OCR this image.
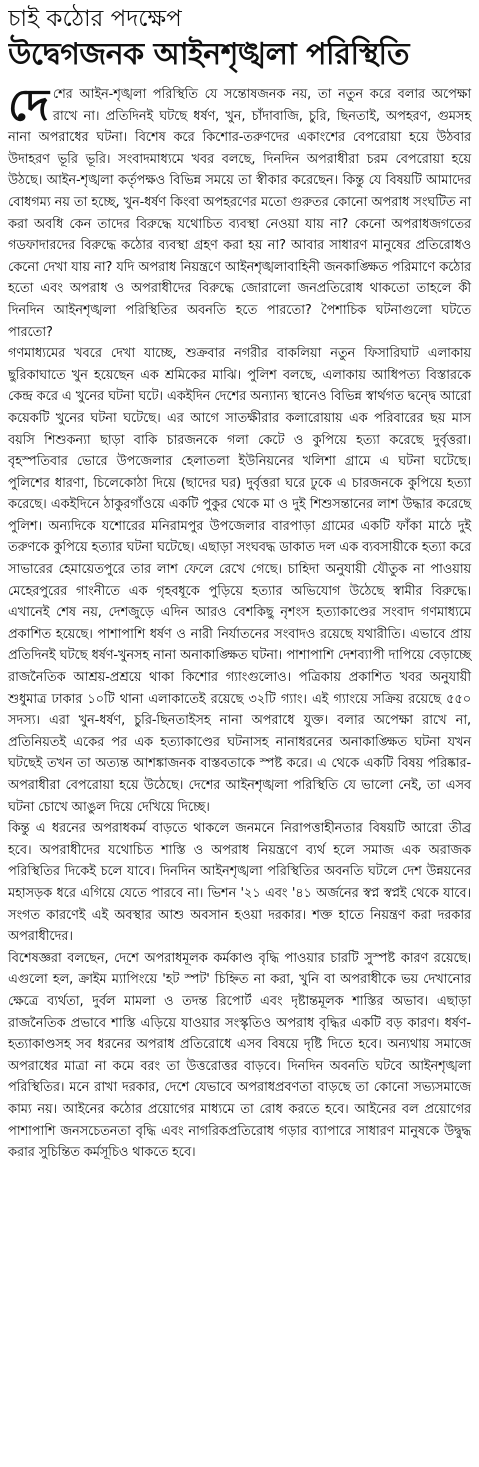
চাই কঠোর পদক্ষেপ
উদ্বেগজনক আইনশৃঙ্খলা পরিস্থিতি

দেশের আইন-শৃঙ্খলা পরিস্থিতি যে সন্তোষজনক নয়, তা নতুন করে বলার অপেক্ষা রাখে না। প্রতিদিনই ঘটছে ধর্ষণ, খুন, চাঁদাবাজি, চুরি, ছিনতাই, অপহরণ, গুমসহ নানা অপরাধের ঘটনা। বিশেষ করে কিশোর-তরুণদের একাংশের বেপরোয়া হয়ে উঠবার উদাহরণ ভূরি ভূরি। সংবাদমাধ্যমে খবর বলছে, দিনদিন অপরাধীরা চরম বেপরোয়া হয়ে উঠছে। আইন-শৃঙ্খলা কর্তৃপক্ষও বিভিন্ন সময়ে তা স্বীকার করেছেন। কিন্তু যে বিষয়টি আমাদের বোধগম্য নয় তা হচ্ছে, খুন-ধর্ষণ কিংবা অপহরণের মতো গুরুতর কোনো অপরাধ সংঘটিত না করা অবধি কেন তাদের বিরুদ্ধে যথোচিত ব্যবস্থা নেওয়া যায় না? কেনো অপরাধজগতের গডফাদারদের বিরুদ্ধে কঠোর ব্যবস্থা গ্রহণ করা হয় না? আবার সাধারণ মানুষের প্রতিরোধও কেনো দেখা যায় না? যদি অপরাধ নিয়ন্ত্রণে আইনশৃঙ্খলাবাহিনী জনকাঙ্ক্ষিত পরিমাণে কঠোর হতো এবং অপরাধ ও অপরাধীদের বিরুদ্ধে জোরালো জনপ্রতিরোধ থাকতো তাহলে কী দিনদিন আইনশৃঙ্খলা পরিস্থিতির অবনতি হতে পারতো? পৈশাচিক ঘটনাগুলো ঘটতে পারতো?

গণমাধ্যমের খবরে দেখা যাচ্ছে, শুক্রবার নগরীর বাকলিয়া নতুন ফিসারিঘাট এলাকায় ছুরিকাঘাতে খুন হয়েছেন এক শ্রমিকের মাঝি। পুলিশ বলছে, এলাকায় আধিপত্য বিস্তারকে কেন্দ্র করে এ খুনের ঘটনা ঘটে। একইদিন দেশের অন্যান্য স্থানেও বিভিন্ন স্বার্থগত দ্বন্দ্বে আরো কয়েকটি খুনের ঘটনা ঘটেছে। এর আগে সাতক্ষীরার কলারোয়ায় এক পরিবারের ছয় মাস বয়সি শিশুকন্যা ছাড়া বাকি চারজনকে গলা কেটে ও কুপিয়ে হত্যা করেছে দুর্বৃত্তরা। বৃহস্পতিবার ভোরে উপজেলার হেলাতলা ইউনিয়নের খলিশা গ্রামে এ ঘটনা ঘটেছে। পুলিশের ধারণা, চিলেকোঠা দিয়ে (ছাদের ঘর) দুর্বৃত্তরা ঘরে ঢুকে এ চারজনকে কুপিয়ে হত্যা করেছে। একইদিনে ঠাকুরগাঁওয়ে একটি পুকুর থেকে মা ও দুই শিশুসন্তানের লাশ উদ্ধার করেছে পুলিশ। অন্যদিকে যশোরের মনিরামপুর উপজেলার বারপাড়া গ্রামের একটি ফাঁকা মাঠে দুই তরুণকে কুপিয়ে হত্যার ঘটনা ঘটেছে। এছাড়া সংঘবদ্ধ ডাকাত দল এক ব্যবসায়ীকে হত্যা করে সাভারের হেমায়েতপুরে তার লাশ ফেলে রেখে গেছে। চাহিদা অনুযায়ী যৌতুক না পাওয়ায় মেহেরপুরের গাংনীতে এক গৃহবধূকে পুড়িয়ে হত্যার অভিযোগ উঠেছে স্বামীর বিরুদ্ধে। এখানেই শেষ নয়, দেশজুড়ে এদিন আরও বেশকিছু নৃশংস হত্যাকাণ্ডের সংবাদ গণমাধ্যমে প্রকাশিত হয়েছে। পাশাপাশি ধর্ষণ ও নারী নির্যাতনের সংবাদও রয়েছে যথারীতি। এভাবে প্রায় প্রতিদিনই ঘটছে ধর্ষণ-খুনসহ নানা অনাকাঙ্ক্ষিত ঘটনা। পাশাপাশি দেশব্যাপী দাপিয়ে বেড়াচ্ছে রাজনৈতিক আশ্রয়-প্রশ্রয়ে থাকা কিশোর গ্যাংগুলোও। পত্রিকায় প্রকাশিত খবর অনুযায়ী শুধুমাত্র ঢাকার ১০টি থানা এলাকাতেই রয়েছে ৩২টি গ্যাং। এই গ্যাংয়ে সক্রিয় রয়েছে ৫৫০ সদস্য। এরা খুন-ধর্ষণ, চুরি-ছিনতাইসহ নানা অপরাধে যুক্ত। বলার অপেক্ষা রাখে না, প্রতিনিয়তই একের পর এক হত্যাকাণ্ডের ঘটনাসহ নানাধরনের অনাকাঙ্ক্ষিত ঘটনা যখন ঘটছেই তখন তা অত্যন্ত আশঙ্কাজনক বাস্তবতাকে স্পষ্ট করে। এ থেকে একটি বিষয় পরিষ্কার- অপরাধীরা বেপরোয়া হয়ে উঠেছে। দেশের আইনশৃঙ্খলা পরিস্থিতি যে ভালো নেই, তা এসব ঘটনা চোখে আঙুল দিয়ে দেখিয়ে দিচ্ছে।

কিন্তু এ ধরনের অপরাধকর্ম বাড়তে থাকলে জনমনে নিরাপত্তাহীনতার বিষয়টি আরো তীব্র হবে। অপরাধীদের যথোচিত শাস্তি ও অপরাধ নিয়ন্ত্রণে ব্যর্থ হলে সমাজ এক অরাজক পরিস্থিতির দিকেই চলে যাবে। দিনদিন আইনশৃঙ্খলা পরিস্থিতির অবনতি ঘটলে দেশ উন্নয়নের মহাসড়ক ধরে এগিয়ে যেতে পারবে না। ভিশন '২১ এবং '৪১ অর্জনের স্বপ্ন স্বপ্নই থেকে যাবে। সংগত কারণেই এই অবস্থার আশু অবসান হওয়া দরকার। শক্ত হাতে নিয়ন্ত্রণ করা দরকার অপরাধীদের।

বিশেষজ্ঞরা বলছেন, দেশে অপরাধমূলক কর্মকাণ্ড বৃদ্ধি পাওয়ার চারটি সুস্পষ্ট কারণ রয়েছে। এগুলো হল, ক্রাইম ম্যাপিংয়ে 'হট স্পট' চিহ্নিত না করা, খুনি বা অপরাধীকে ভয় দেখানোর ক্ষেত্রে ব্যর্থতা, দুর্বল মামলা ও তদন্ত রিপোর্ট এবং দৃষ্টান্তমূলক শাস্তির অভাব। এছাড়া রাজনৈতিক প্রভাবে শাস্তি এড়িয়ে যাওয়ার সংস্কৃতিও অপরাধ বৃদ্ধির একটি বড় কারণ। ধর্ষণ-হত্যাকাণ্ডসহ সব ধরনের অপরাধ প্রতিরোধে এসব বিষয়ে দৃষ্টি দিতে হবে। অন্যথায় সমাজে অপরাধের মাত্রা না কমে বরং তা উত্তরোত্তর বাড়বে। দিনদিন অবনতি ঘটবে আইনশৃঙ্খলা পরিস্থিতির। মনে রাখা দরকার, দেশে যেভাবে অপরাধপ্রবণতা বাড়ছে তা কোনো সভ্যসমাজে কাম্য নয়। আইনের কঠোর প্রয়োগের মাধ্যমে তা রোধ করতে হবে। আইনের বল প্রয়োগের পাশাপাশি জনসচেতনতা বৃদ্ধি এবং নাগরিকপ্রতিরোধ গড়ার ব্যাপারে সাধারণ মানুষকে উদ্বুদ্ধ করার সুচিন্তিত কর্মসূচিও থাকতে হবে।
